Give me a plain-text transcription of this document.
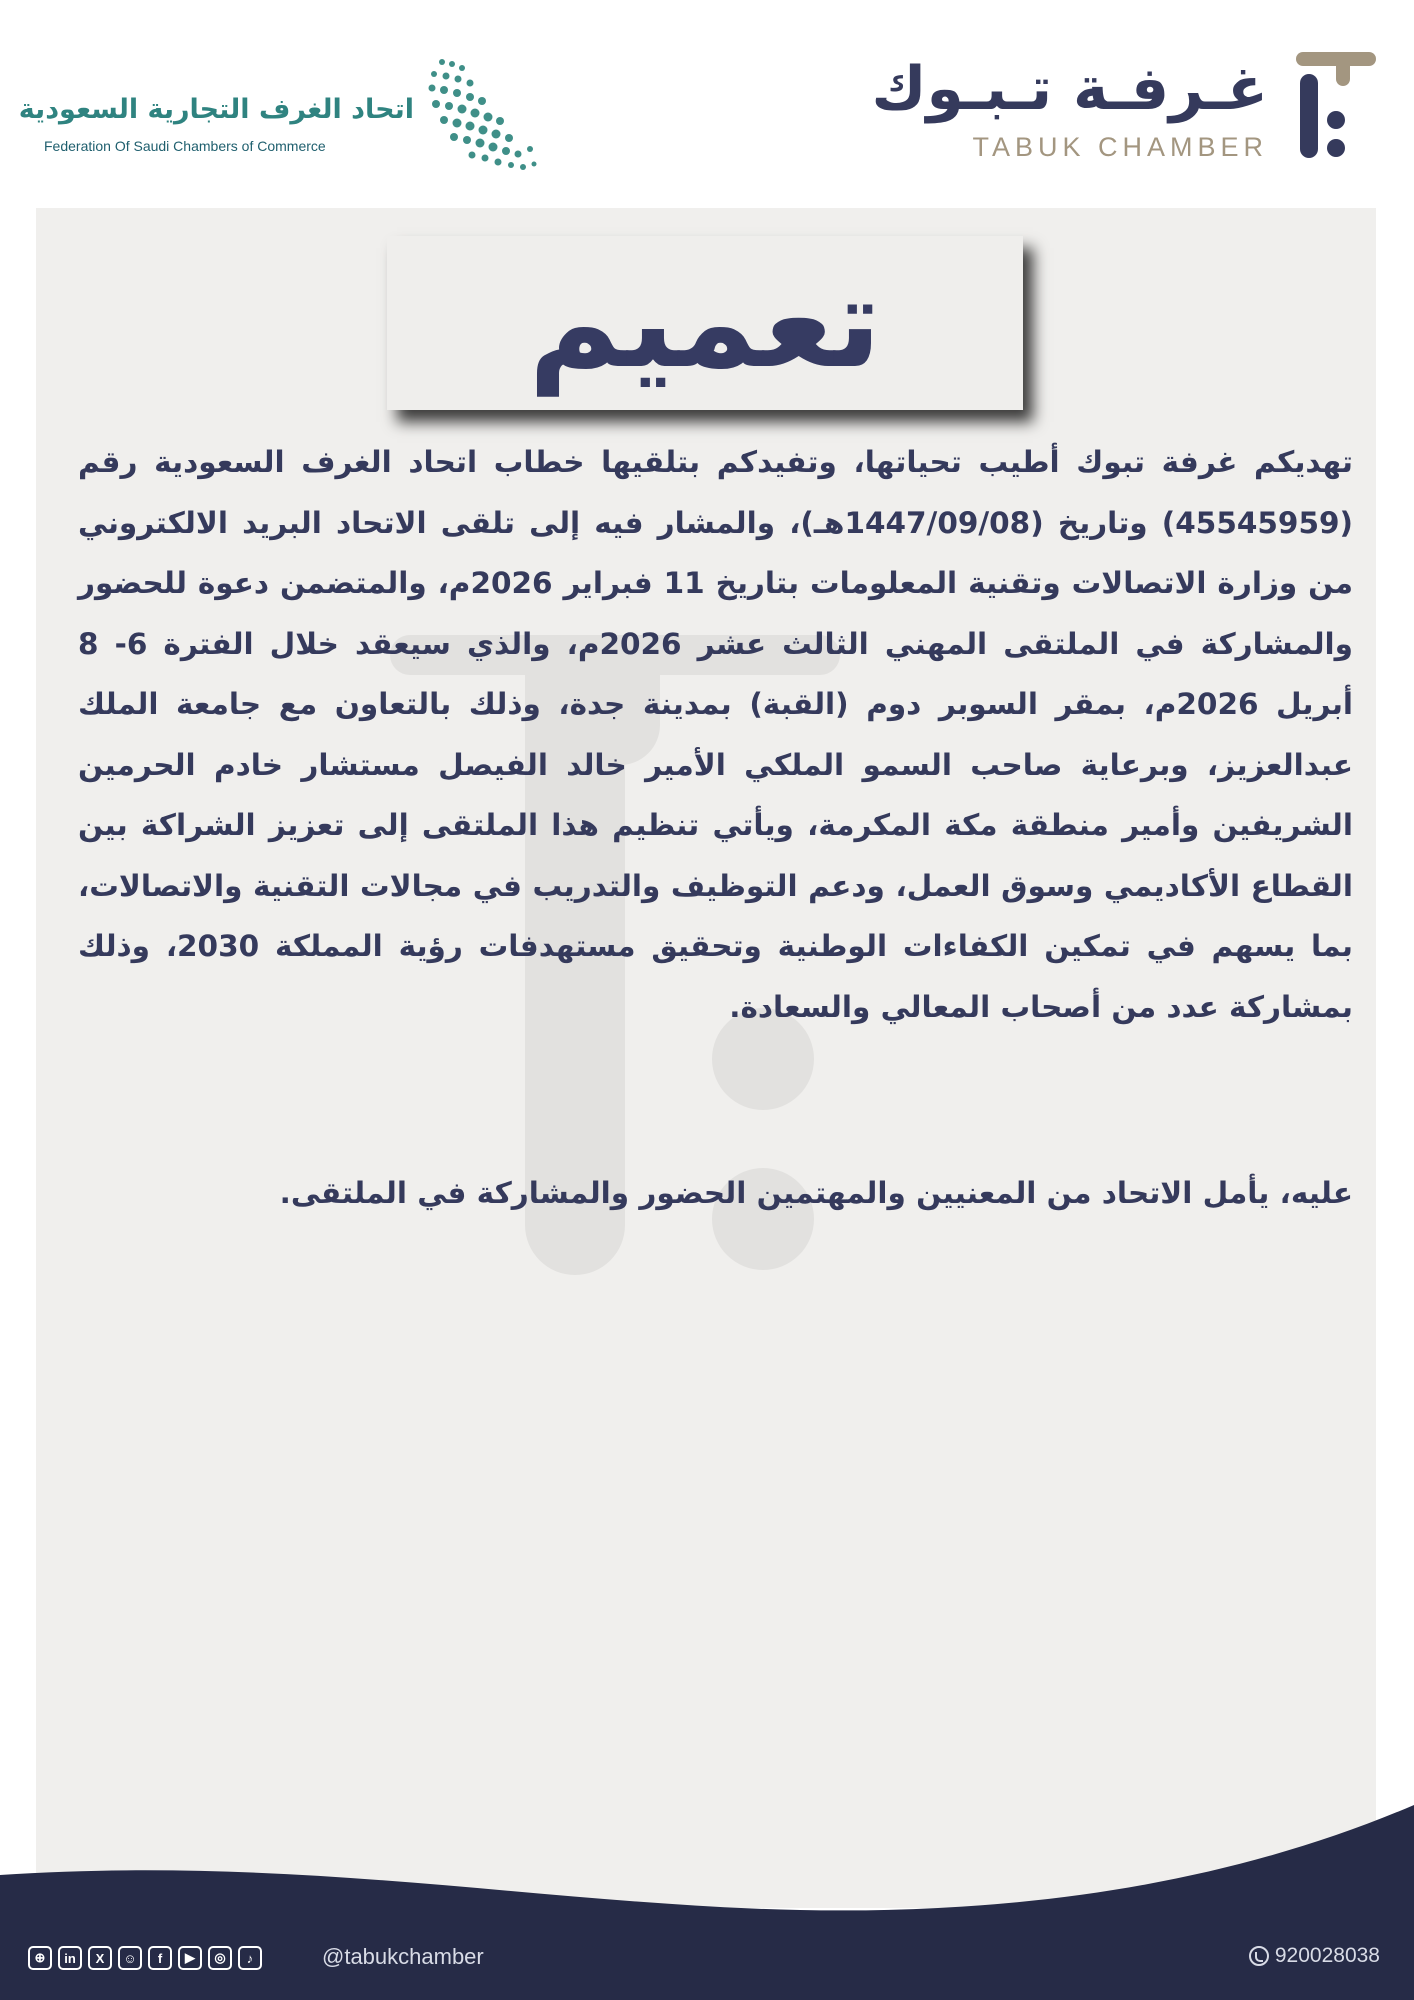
غـرفـة تـبـوك
TABUK CHAMBER
اتحاد الغرف التجارية السعودية
Federation Of Saudi Chambers of Commerce
تعميم
تهديكم غرفة تبوك أطيب تحياتها، وتفيدكم بتلقيها خطاب اتحاد الغرف السعودية رقم (45545959) وتاريخ (1447/09/08هـ)، والمشار فيه إلى تلقى الاتحاد البريد الالكتروني من وزارة الاتصالات وتقنية المعلومات بتاريخ 11 فبراير 2026م، والمتضمن دعوة للحضور والمشاركة في الملتقى المهني الثالث عشر 2026م، والذي سيعقد خلال الفترة 6- 8 أبريل 2026م، بمقر السوبر دوم (القبة) بمدينة جدة، وذلك بالتعاون مع جامعة الملك عبدالعزيز، وبرعاية صاحب السمو الملكي الأمير خالد الفيصل مستشار خادم الحرمين الشريفين وأمير منطقة مكة المكرمة، ويأتي تنظيم هذا الملتقى إلى تعزيز الشراكة بين القطاع الأكاديمي وسوق العمل، ودعم التوظيف والتدريب في مجالات التقنية والاتصالات، بما يسهم في تمكين الكفاءات الوطنية وتحقيق مستهدفات رؤية المملكة 2030، وذلك بمشاركة عدد من أصحاب المعالي والسعادة.
عليه، يأمل الاتحاد من المعنيين والمهتمين الحضور والمشاركة في الملتقى.
⊕	in	X	☺	f	▶	◎	♪	@tabukchamber	920028038
